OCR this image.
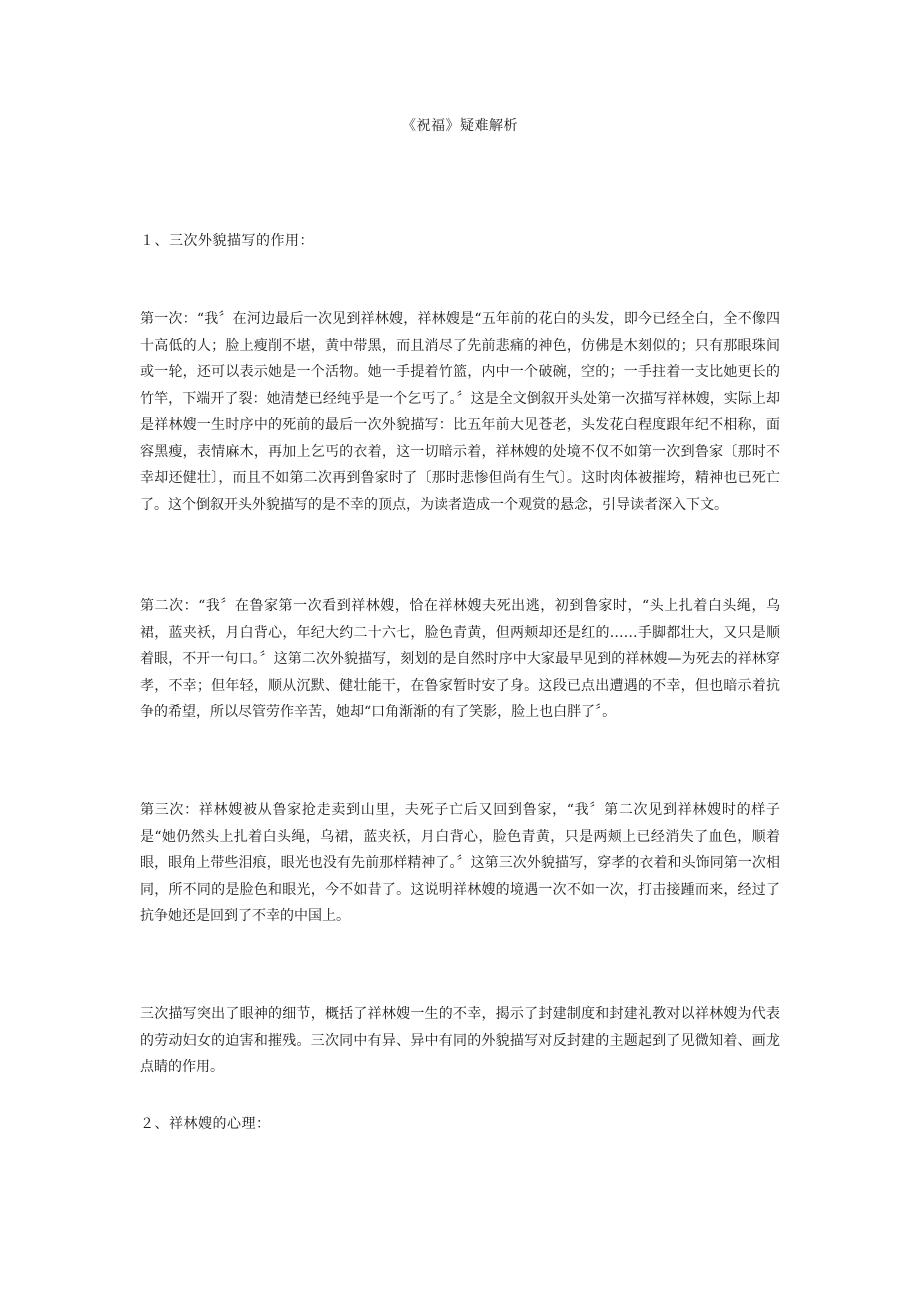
《祝福》疑难解析
１、三次外貌描写的作用：

第一次：“我〞在河边最后一次见到祥林嫂，祥林嫂是“五年前的花白的头发，即今已经全白，全不像四十高低的人；脸上瘦削不堪，黄中带黑，而且消尽了先前悲痛的神色，仿佛是木刻似的；只有那眼珠间或一轮，还可以表示她是一个活物。她一手提着竹篮，内中一个破碗，空的；一手拄着一支比她更长的竹竿，下端开了裂：她清楚已经纯乎是一个乞丐了。〞这是全文倒叙开头处第一次描写祥林嫂，实际上却是祥林嫂一生时序中的死前的最后一次外貌描写：比五年前大见苍老，头发花白程度跟年纪不相称，面容黑瘦，表情麻木，再加上乞丐的衣着，这一切暗示着，祥林嫂的处境不仅不如第一次到鲁家〔那时不幸却还健壮〕，而且不如第二次再到鲁家时了〔那时悲惨但尚有生气〕。这时肉体被摧垮，精神也已死亡了。这个倒叙开头外貌描写的是不幸的顶点，为读者造成一个观赏的悬念，引导读者深入下文。

第二次：“我〞在鲁家第一次看到祥林嫂，恰在祥林嫂夫死出逃，初到鲁家时，“头上扎着白头绳，乌裙，蓝夹袄，月白背心，年纪大约二十六七，脸色青黄，但两颊却还是红的……手脚都壮大，又只是顺着眼，不开一句口。〞这第二次外貌描写，刻划的是自然时序中大家最早见到的祥林嫂—为死去的祥林穿孝，不幸；但年轻，顺从沉默、健壮能干，在鲁家暂时安了身。这段已点出遭遇的不幸，但也暗示着抗争的希望，所以尽管劳作辛苦，她却“口角渐渐的有了笑影，脸上也白胖了〞。

第三次：祥林嫂被从鲁家抢走卖到山里，夫死子亡后又回到鲁家，“我〞第二次见到祥林嫂时的样子是“她仍然头上扎着白头绳，乌裙，蓝夹袄，月白背心，脸色青黄，只是两颊上已经消失了血色，顺着眼，眼角上带些泪痕，眼光也没有先前那样精神了。〞这第三次外貌描写，穿孝的衣着和头饰同第一次相同，所不同的是脸色和眼光，今不如昔了。这说明祥林嫂的境遇一次不如一次，打击接踵而来，经过了抗争她还是回到了不幸的中国上。

三次描写突出了眼神的细节，概括了祥林嫂一生的不幸，揭示了封建制度和封建礼教对以祥林嫂为代表的劳动妇女的迫害和摧残。三次同中有异、异中有同的外貌描写对反封建的主题起到了见微知着、画龙点睛的作用。

２、祥林嫂的心理：
